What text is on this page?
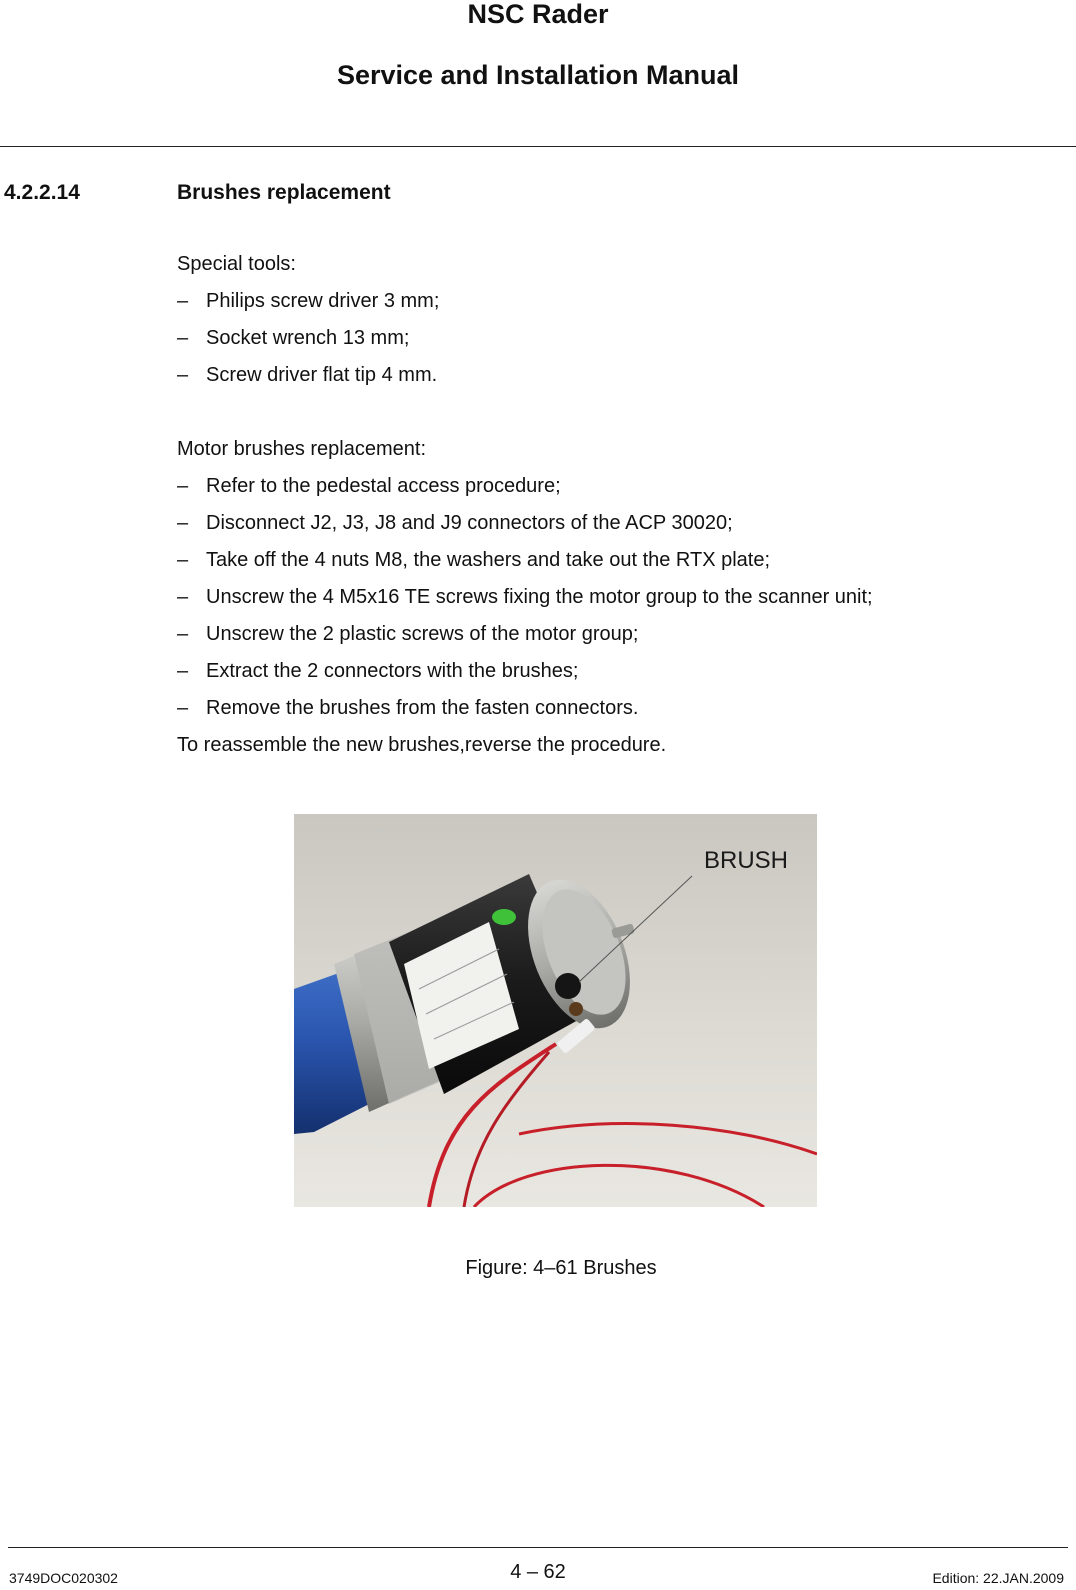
NSC Rader
Service and Installation Manual
4.2.2.14	Brushes replacement
Special tools:
– Philips screw driver 3 mm;
– Socket wrench 13 mm;
– Screw driver flat tip 4 mm.
Motor brushes replacement:
– Refer to the pedestal access procedure;
– Disconnect J2, J3, J8 and J9 connectors of the ACP 30020;
– Take off the 4 nuts M8, the washers and take out the RTX plate;
– Unscrew the 4 M5x16 TE screws fixing the motor group to the scanner unit;
– Unscrew the 2 plastic screws of the motor group;
– Extract the 2 connectors with the brushes;
– Remove the brushes from the fasten connectors.
To reassemble the new brushes,reverse the procedure.
BRUSH
Figure: 4–61 Brushes
3749DOC020302	4 – 62	Edition: 22.JAN.2009
